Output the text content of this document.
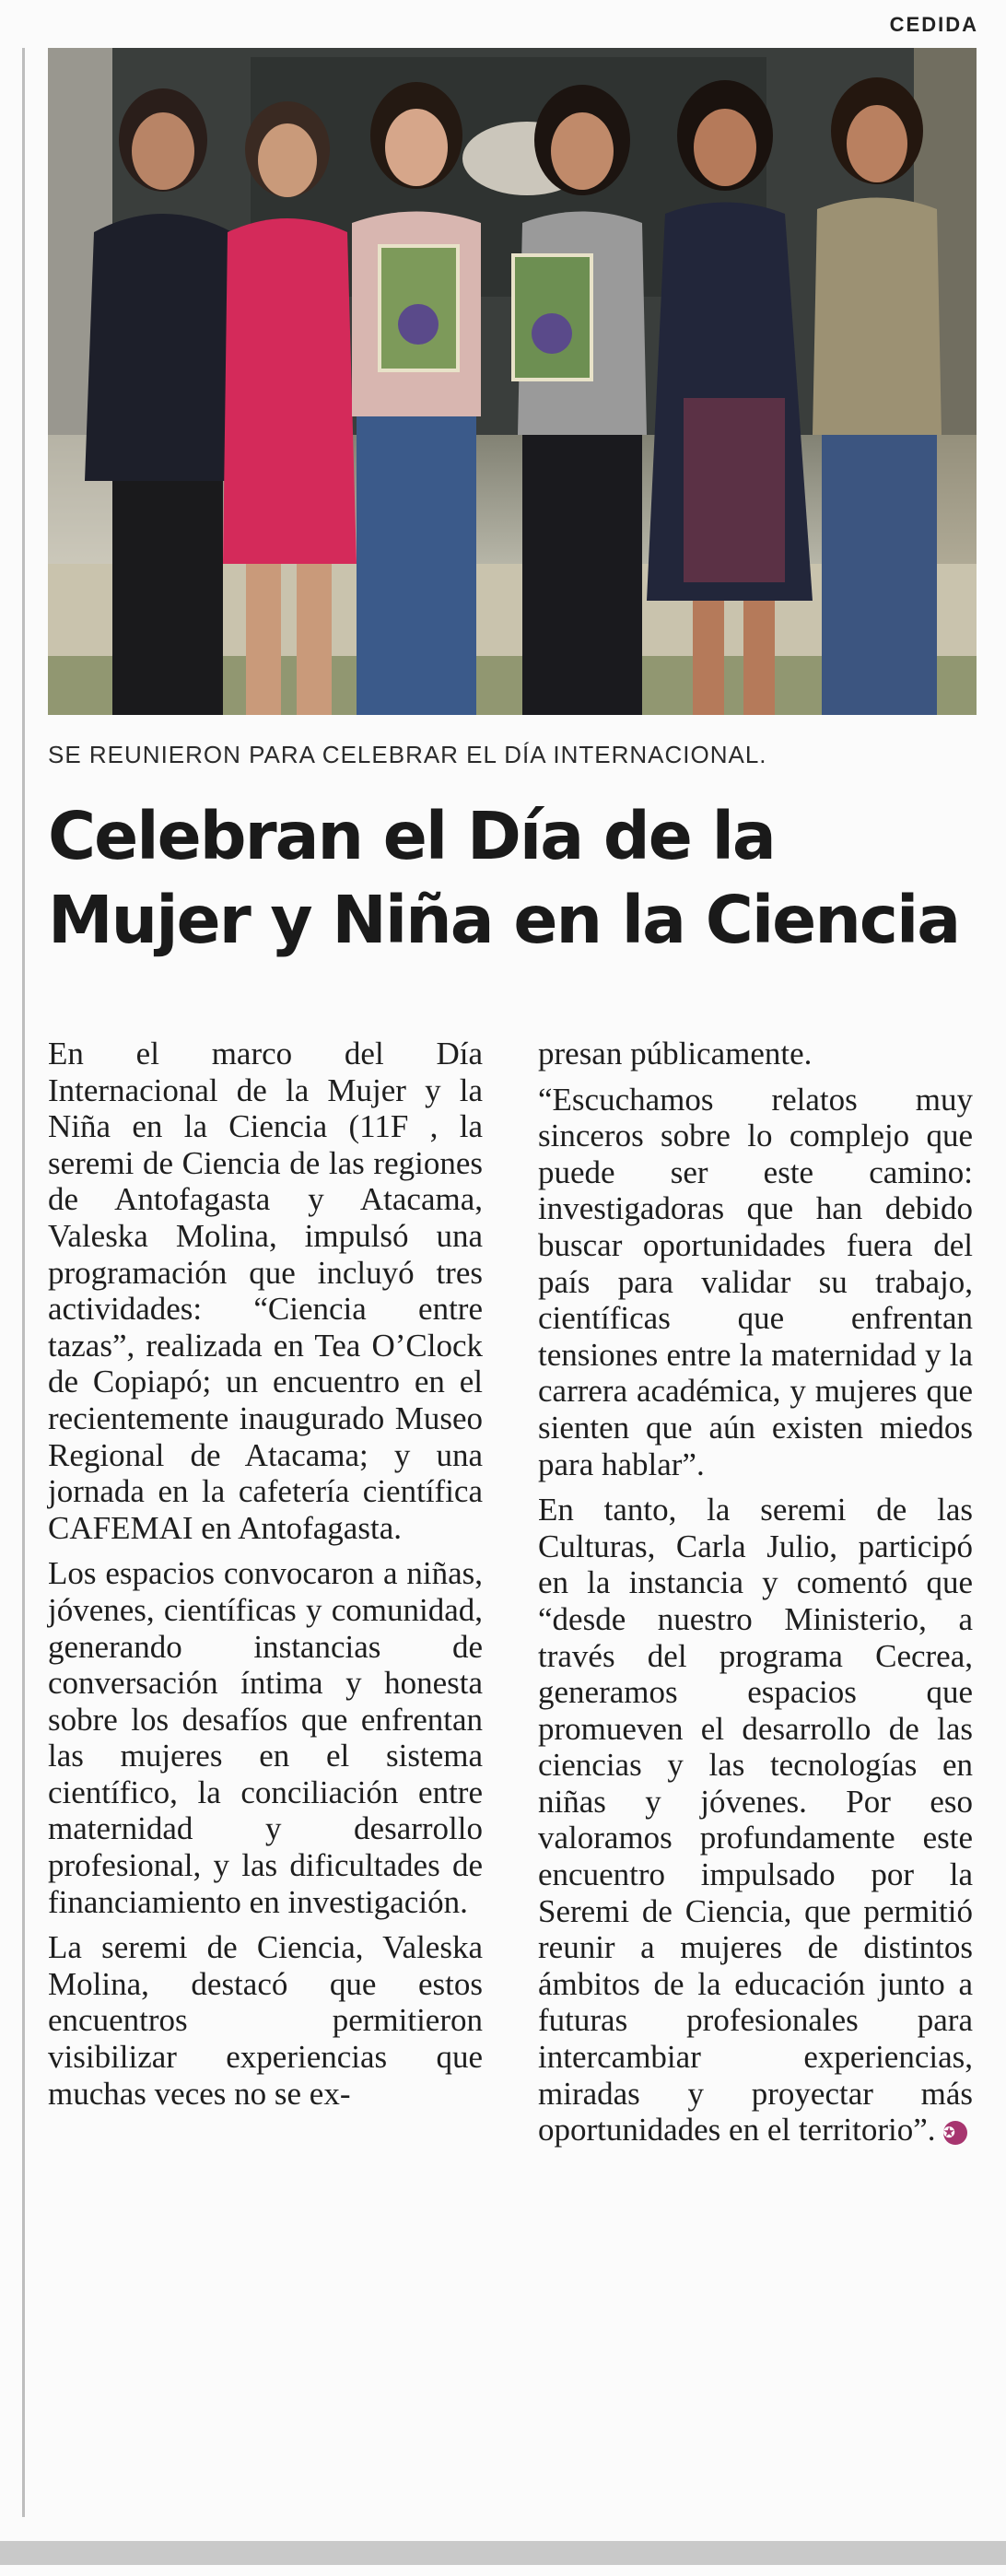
CEDIDA
SE REUNIERON PARA CELEBRAR EL DÍA INTERNACIONAL.
Celebran el Día de la Mujer y Niña en la Ciencia

En el marco del Día Internacional de la Mujer y la Niña en la Ciencia (11F , la seremi de Ciencia de las regiones de Antofagasta y Atacama, Valeska Molina, impulsó una programación que incluyó tres actividades: “Ciencia entre tazas”, realizada en Tea O’Clock de Copiapó; un encuentro en el recientemente inaugurado Museo Regional de Atacama; y una jornada en la cafetería científica CAFEMAI en Antofagasta.

Los espacios convocaron a niñas, jóvenes, científicas y comunidad, generando instancias de conversación íntima y honesta sobre los desafíos que enfrentan las mujeres en el sistema científico, la conciliación entre maternidad y desarrollo profesional, y las dificultades de financiamiento en investigación.

La seremi de Ciencia, Valeska Molina, destacó que estos encuentros permitieron visibilizar experiencias que muchas veces no se ex-

presan públicamente.

“Escuchamos relatos muy sinceros sobre lo complejo que puede ser este camino: investigadoras que han debido buscar oportunidades fuera del país para validar su trabajo, científicas que enfrentan tensiones entre la maternidad y la carrera académica, y mujeres que sienten que aún existen miedos para hablar”.

En tanto, la seremi de las Culturas, Carla Julio, participó en la instancia y comentó que “desde nuestro Ministerio, a través del programa Cecrea, generamos espacios que promueven el desarrollo de las ciencias y las tecnologías en niñas y jóvenes. Por eso valoramos profundamente este encuentro impulsado por la Seremi de Ciencia, que permitió reunir a mujeres de distintos ámbitos de la educación junto a futuras profesionales para intercambiar experiencias, miradas y proyectar más oportunidades en el territorio”. ✪
